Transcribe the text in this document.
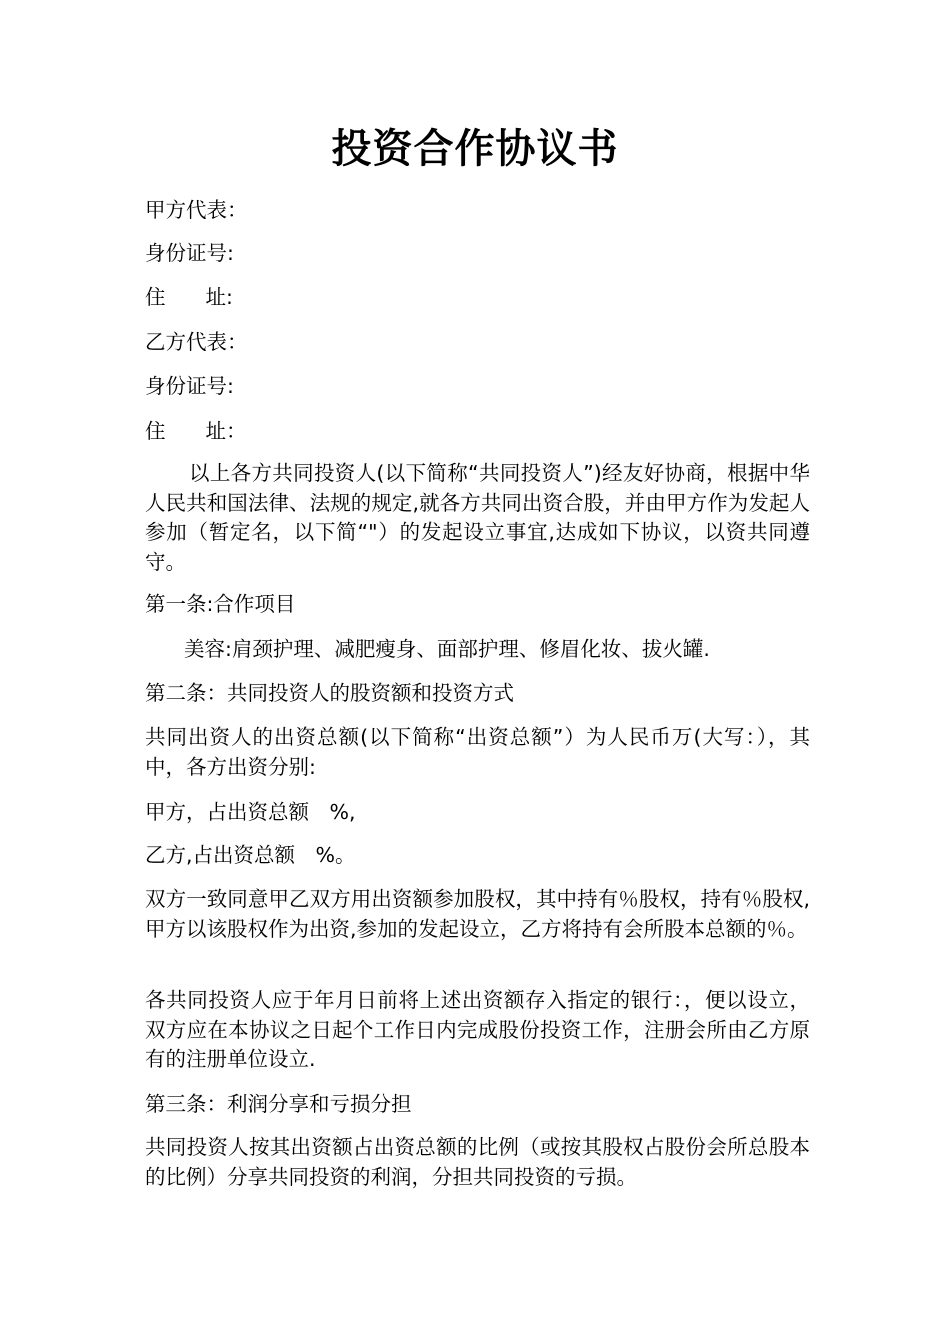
投资合作协议书
甲方代表：
身份证号:
住 址:
乙方代表：
身份证号:
住 址：
以上各方共同投资人(以下简称“共同投资人”)经友好协商，根据中华人民共和国法律、法规的规定,就各方共同出资合股，并由甲方作为发起人参加（暂定名，以下简“"）的发起设立事宜,达成如下协议，以资共同遵守。
第一条:合作项目
美容:肩颈护理、减肥瘦身、面部护理、修眉化妆、拔火罐.
第二条：共同投资人的股资额和投资方式
共同出资人的出资总额(以下简称“出资总额”）为人民币万(大写：），其中，各方出资分别:
甲方，占出资总额　%,
乙方,占出资总额　%。
双方一致同意甲乙双方用出资额参加股权，其中持有％股权，持有％股权,甲方以该股权作为出资,参加的发起设立，乙方将持有会所股本总额的％。
各共同投资人应于年月日前将上述出资额存入指定的银行：，便以设立，双方应在本协议之日起个工作日内完成股份投资工作，注册会所由乙方原有的注册单位设立.
第三条：利润分享和亏损分担
共同投资人按其出资额占出资总额的比例（或按其股权占股份会所总股本的比例）分享共同投资的利润，分担共同投资的亏损。
